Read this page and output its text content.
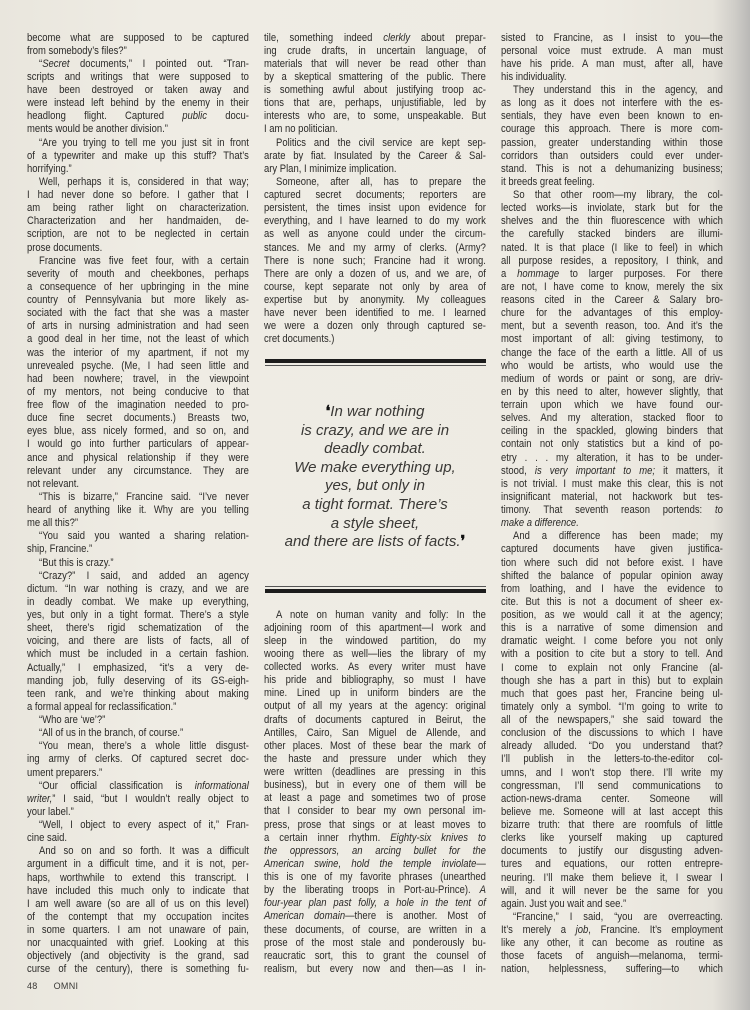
become what are supposed to be captured
from somebody’s files?”
“Secret documents,” I pointed out. “Tran-
scripts and writings that were supposed to
have been destroyed or taken away and
were instead left behind by the enemy in their
headlong flight. Captured public docu-
ments would be another division.”
“Are you trying to tell me you just sit in front
of a typewriter and make up this stuff? That’s
horrifying.”
Well, perhaps it is, considered in that way;
I had never done so before. I gather that I
am being rather light on characterization.
Characterization and her handmaiden, de-
scription, are not to be neglected in certain
prose documents.
Francine was five feet four, with a certain
severity of mouth and cheekbones, perhaps
a consequence of her upbringing in the mine
country of Pennsylvania but more likely as-
sociated with the fact that she was a master
of arts in nursing administration and had seen
a good deal in her time, not the least of which
was the interior of my apartment, if not my
unrevealed psyche. (Me, I had seen little and
had been nowhere; travel, in the viewpoint
of my mentors, not being conducive to that
free flow of the imagination needed to pro-
duce fine secret documents.) Breasts two,
eyes blue, ass nicely formed, and so on, and
I would go into further particulars of appear-
ance and physical relationship if they were
relevant under any circumstance. They are
not relevant.
“This is bizarre,” Francine said. “I’ve never
heard of anything like it. Why are you telling
me all this?”
“You said you wanted a sharing relation-
ship, Francine.”
“But this is crazy.”
“Crazy?” I said, and added an agency
dictum. “In war nothing is crazy, and we are
in deadly combat. We make up everything,
yes, but only in a tight format. There’s a style
sheet, there’s rigid schematization of the
voicing, and there are lists of facts, all of
which must be included in a certain fashion.
Actually,” I emphasized, “it’s a very de-
manding job, fully deserving of its GS-eigh-
teen rank, and we’re thinking about making
a formal appeal for reclassification.”
“Who are ‘we’?”
“All of us in the branch, of course.”
“You mean, there’s a whole little disgust-
ing army of clerks. Of captured secret doc-
ument preparers.”
“Our official classification is informational
writer,” I said, “but I wouldn’t really object to
your label.”
“Well, I object to every aspect of it,” Fran-
cine said.
And so on and so forth. It was a difficult
argument in a difficult time, and it is not, per-
haps, worthwhile to extend this transcript. I
have included this much only to indicate that
I am well aware (so are all of us on this level)
of the contempt that my occupation incites
in some quarters. I am not unaware of pain,
nor unacquainted with grief. Looking at this
objectively (and objectivity is the grand, sad
curse of the century), there is something fu-
tile, something indeed clerkly about prepar-
ing crude drafts, in uncertain language, of
materials that will never be read other than
by a skeptical smattering of the public. There
is something awful about justifying troop ac-
tions that are, perhaps, unjustifiable, led by
interests who are, to some, unspeakable. But
I am no politician.
Politics and the civil service are kept sep-
arate by fiat. Insulated by the Career & Sal-
ary Plan, I minimize implication.
Someone, after all, has to prepare the
captured secret documents; reporters are
persistent, the times insist upon evidence for
everything, and I have learned to do my work
as well as anyone could under the circum-
stances. Me and my army of clerks. (Army?
There is none such; Francine had it wrong.
There are only a dozen of us, and we are, of
course, kept separate not only by area of
expertise but by anonymity. My colleagues
have never been identified to me. I learned
we were a dozen only through captured se-
cret documents.)
❛In war nothing
is crazy, and we are in
deadly combat.
We make everything up,
yes, but only in
a tight format. There’s
a style sheet,
and there are lists of facts.❜
A note on human vanity and folly: In the
adjoining room of this apartment—I work and
sleep in the windowed partition, do my
wooing there as well—lies the library of my
collected works. As every writer must have
his pride and bibliography, so must I have
mine. Lined up in uniform binders are the
output of all my years at the agency: original
drafts of documents captured in Beirut, the
Antilles, Cairo, San Miguel de Allende, and
other places. Most of these bear the mark of
the haste and pressure under which they
were written (deadlines are pressing in this
business), but in every one of them will be
at least a page and sometimes two of prose
that I consider to bear my own personal im-
press, prose that sings or at least moves to
a certain inner rhythm. Eighty-six knives to
the oppressors, an arcing bullet for the
American swine, hold the temple inviolate—
this is one of my favorite phrases (unearthed
by the liberating troops in Port-au-Prince). A
four-year plan past folly, a hole in the tent of
American domain—there is another. Most of
these documents, of course, are written in a
prose of the most stale and ponderously bu-
reaucratic sort, this to grant the counsel of
realism, but every now and then—as I in-
sisted to Francine, as I insist to you—the
personal voice must extrude. A man must
have his pride. A man must, after all, have
his individuality.
They understand this in the agency, and
as long as it does not interfere with the es-
sentials, they have even been known to en-
courage this approach. There is more com-
passion, greater understanding within those
corridors than outsiders could ever under-
stand. This is not a dehumanizing business;
it breeds great feeling.
So that other room—my library, the col-
lected works—is inviolate, stark but for the
shelves and the thin fluorescence with which
the carefully stacked binders are illumi-
nated. It is that place (I like to feel) in which
all purpose resides, a repository, I think, and
a hommage to larger purposes. For there
are not, I have come to know, merely the six
reasons cited in the Career & Salary bro-
chure for the advantages of this employ-
ment, but a seventh reason, too. And it’s the
most important of all: giving testimony, to
change the face of the earth a little. All of us
who would be artists, who would use the
medium of words or paint or song, are driv-
en by this need to alter, however slightly, that
terrain upon which we have found our-
selves. And my alteration, stacked floor to
ceiling in the spackled, glowing binders that
contain not only statistics but a kind of po-
etry . . . my alteration, it has to be under-
stood, is very important to me; it matters, it
is not trivial. I must make this clear, this is not
insignificant material, not hackwork but tes-
timony. That seventh reason portends: to
make a difference.
And a difference has been made; my
captured documents have given justifica-
tion where such did not before exist. I have
shifted the balance of popular opinion away
from loathing, and I have the evidence to
cite. But this is not a document of sheer ex-
position, as we would call it at the agency;
this is a narrative of some dimension and
dramatic weight. I come before you not only
with a position to cite but a story to tell. And
I come to explain not only Francine (al-
though she has a part in this) but to explain
much that goes past her, Francine being ul-
timately only a symbol. “I’m going to write to
all of the newspapers,” she said toward the
conclusion of the discussions to which I have
already alluded. “Do you understand that?
I’ll publish in the letters-to-the-editor col-
umns, and I won’t stop there. I’ll write my
congressman, I’ll send communications to
action-news-drama center. Someone will
believe me. Someone will at last accept this
bizarre truth: that there are roomfuls of little
clerks like yourself making up captured
documents to justify our disgusting adven-
tures and equations, our rotten entrepre-
neuring. I’ll make them believe it, I swear I
will, and it will never be the same for you
again. Just you wait and see.”
“Francine,” I said, “you are overreacting.
It’s merely a job, Francine. It’s employment
like any other, it can become as routine as
those facets of anguish—melanoma, termi-
nation, helplessness, suffering—to which
48 OMNI
